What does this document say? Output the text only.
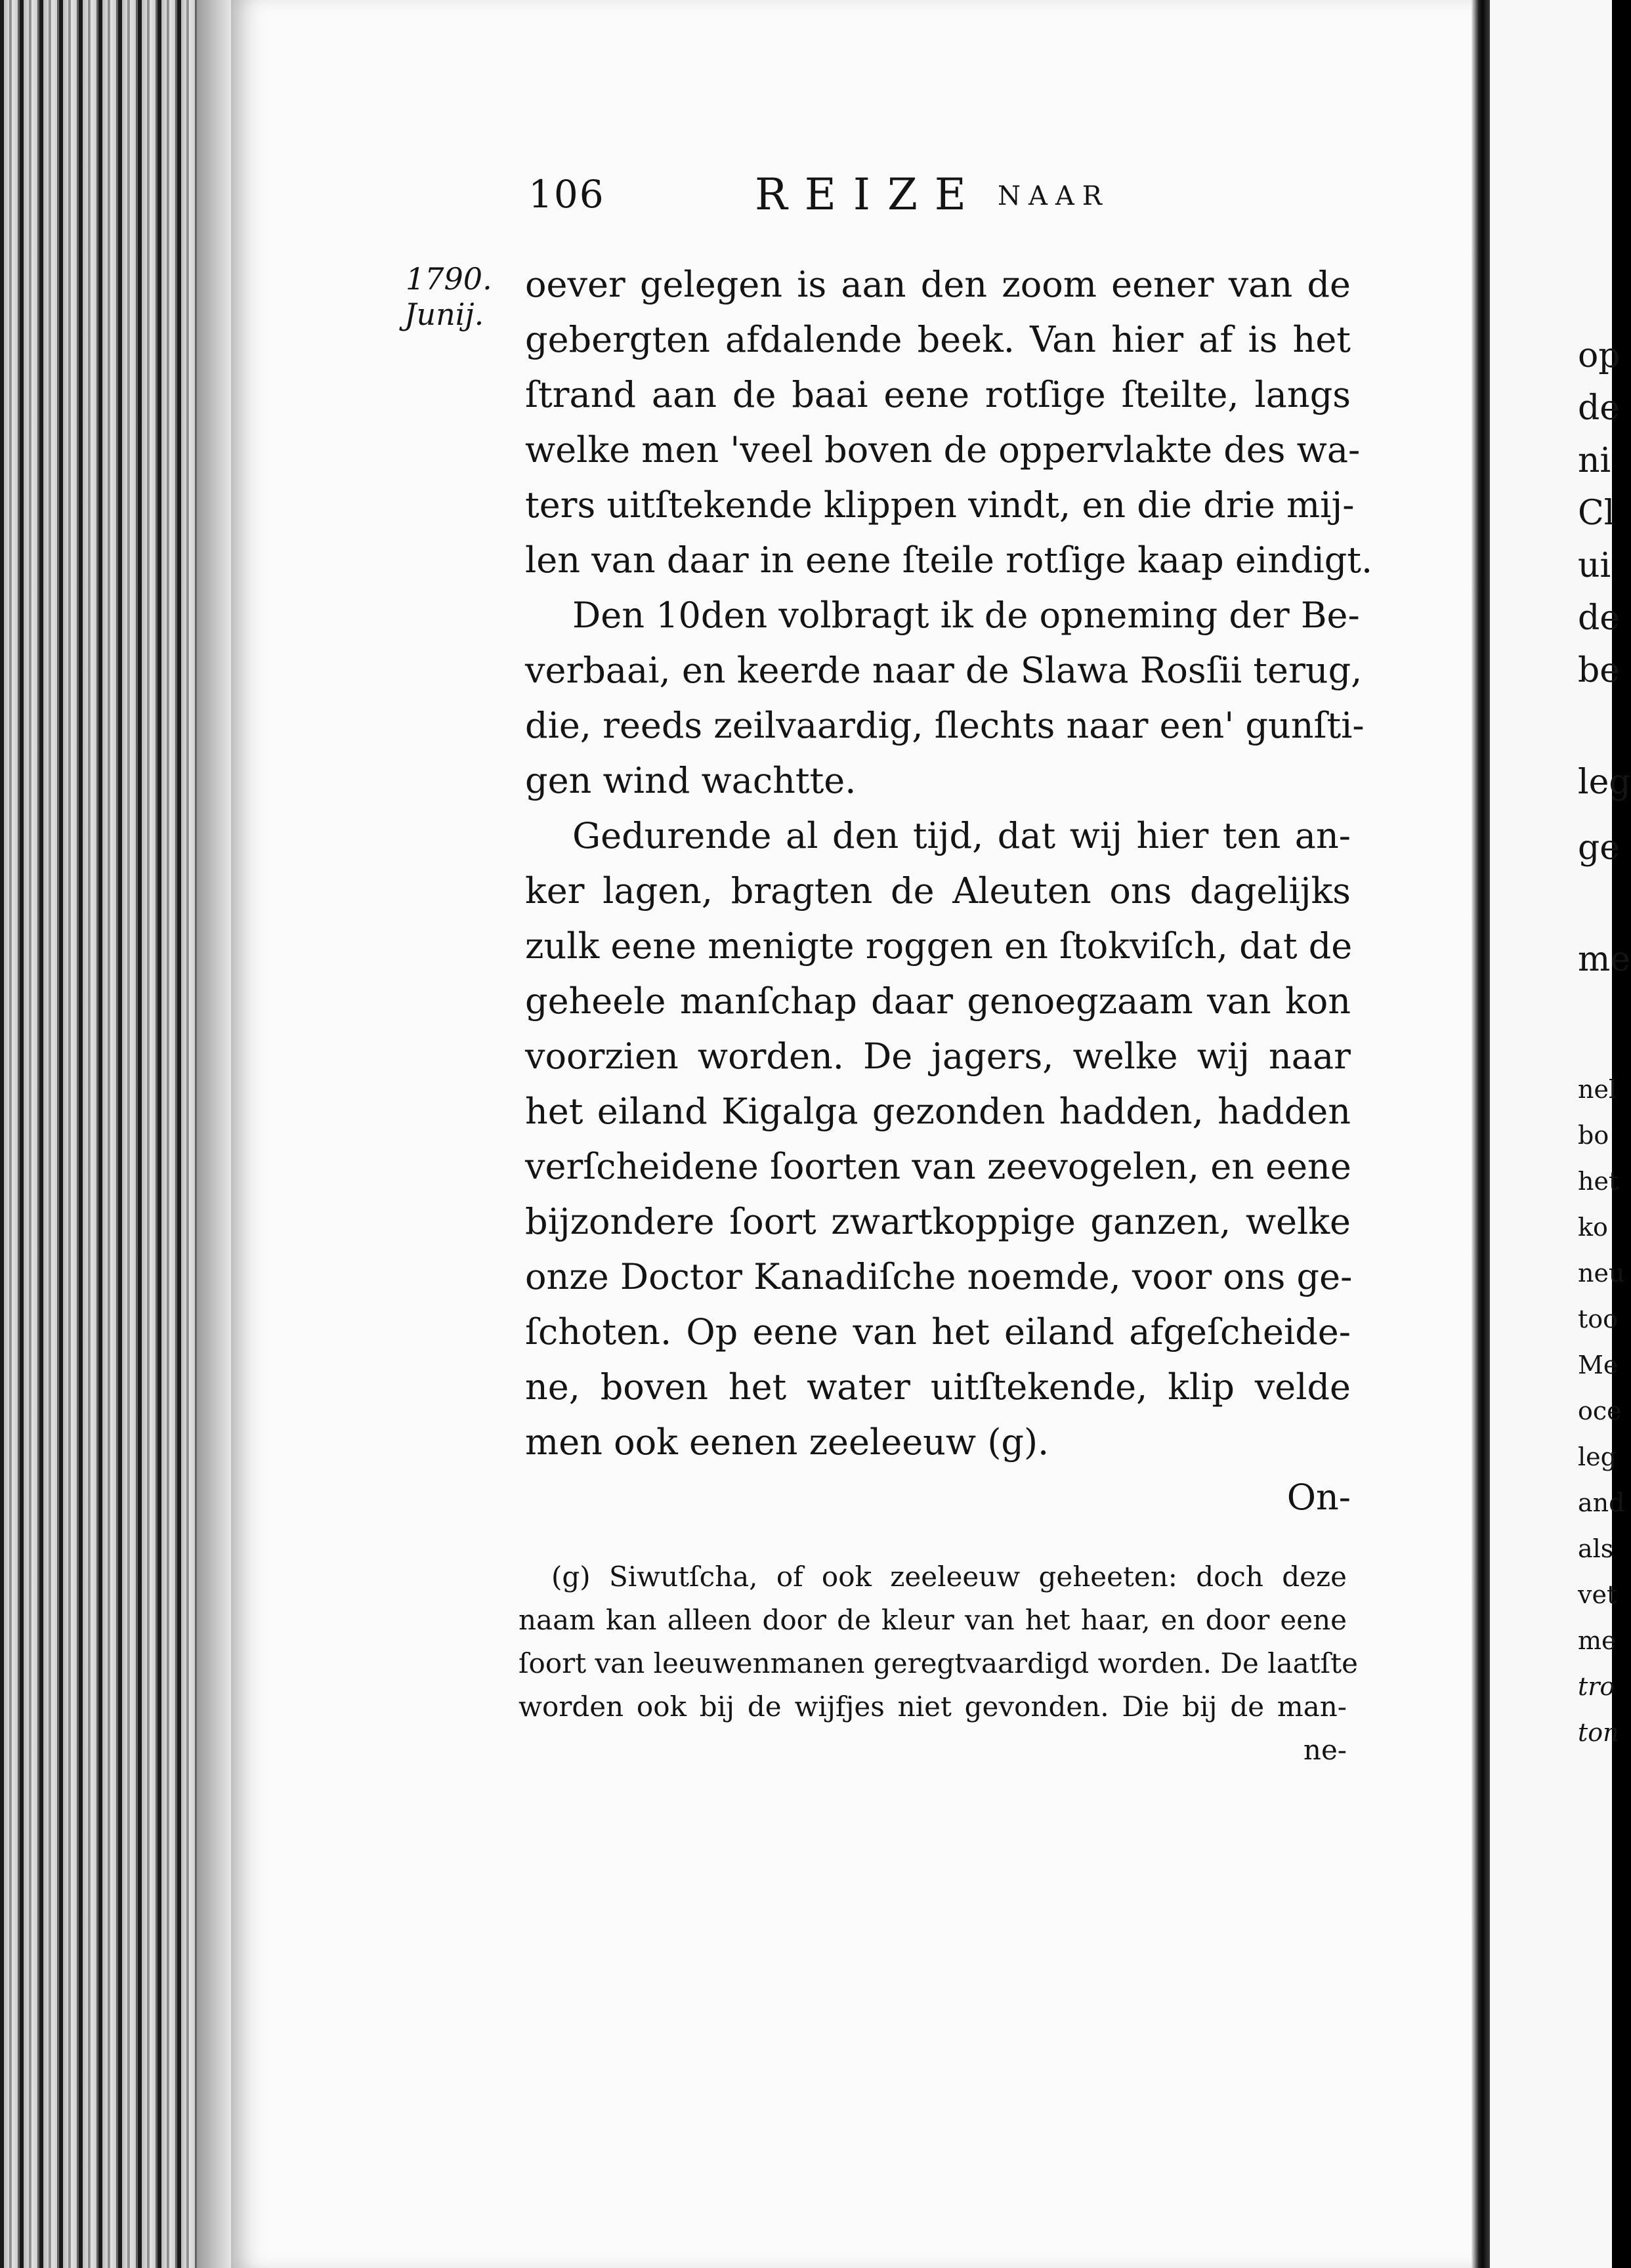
op
de
ni
Cl
ui
de
be
leg
ge
me
nel
bo
het
ko
neu
too
Me
oce
leg
and
als
vet
me
tro
ton
106	REIZE NAAR
1790.
Junij.
oever gelegen is aan den zoom eener van de
gebergten afdalende beek. Van hier af is het
ſtrand aan de baai eene rotſige ſteilte, langs
welke men 'veel boven de oppervlakte des wa-
ters uitſtekende klippen vindt, en die drie mij-
len van daar in eene ſteile rotſige kaap eindigt.
Den 10den volbragt ik de opneming der Be-
verbaai, en keerde naar de Slawa Rosſii terug,
die, reeds zeilvaardig, ſlechts naar een' gunſti-
gen wind wachtte.
Gedurende al den tijd, dat wij hier ten an-
ker lagen, bragten de Aleuten ons dagelijks
zulk eene menigte roggen en ſtokviſch, dat de
geheele manſchap daar genoegzaam van kon
voorzien worden. De jagers, welke wij naar
het eiland Kigalga gezonden hadden, hadden
verſcheidene ſoorten van zeevogelen, en eene
bijzondere ſoort zwartkoppige ganzen, welke
onze Doctor Kanadiſche noemde, voor ons ge-
ſchoten. Op eene van het eiland afgeſcheide-
ne, boven het water uitſtekende, klip velde
men ook eenen zeeleeuw (g).
On-
(g) Siwutſcha, of ook zeeleeuw geheeten: doch deze
naam kan alleen door de kleur van het haar, en door eene
ſoort van leeuwenmanen geregtvaardigd worden. De laatſte
worden ook bij de wijfjes niet gevonden. Die bij de man-
ne-
